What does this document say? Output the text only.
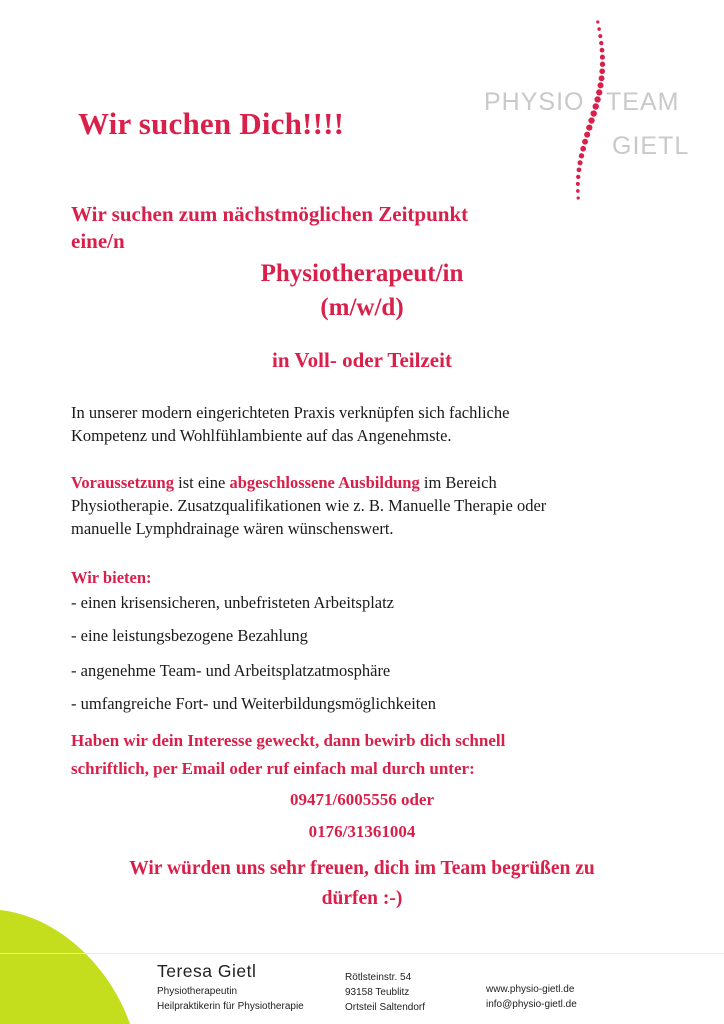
Wir suchen Dich!!!!
PHYSIO TEAM
GIETL
Wir suchen zum nächstmöglichen Zeitpunkt
eine/n
Physiotherapeut/in
(m/w/d)
in Voll- oder Teilzeit
In unserer modern eingerichteten Praxis verknüpfen sich fachliche
Kompetenz und Wohlfühlambiente auf das Angenehmste.
Voraussetzung ist eine abgeschlossene Ausbildung im Bereich
Physiotherapie. Zusatzqualifikationen wie z. B. Manuelle Therapie oder
manuelle Lymphdrainage wären wünschenswert.
Wir bieten:
- einen krisensicheren, unbefristeten Arbeitsplatz
- eine leistungsbezogene Bezahlung
- angenehme Team- und Arbeitsplatzatmosphäre
- umfangreiche Fort- und Weiterbildungsmöglichkeiten
Haben wir dein Interesse geweckt, dann bewirb dich schnell
schriftlich, per Email oder ruf einfach mal durch unter:
09471/6005556 oder
0176/31361004
Wir würden uns sehr freuen, dich im Team begrüßen zu
dürfen :-)
Teresa Gietl
Physiotherapeutin
Heilpraktikerin für Physiotherapie
Rötlsteinstr. 54
93158 Teublitz
Ortsteil Saltendorf
www.physio-gietl.de
info@physio-gietl.de
